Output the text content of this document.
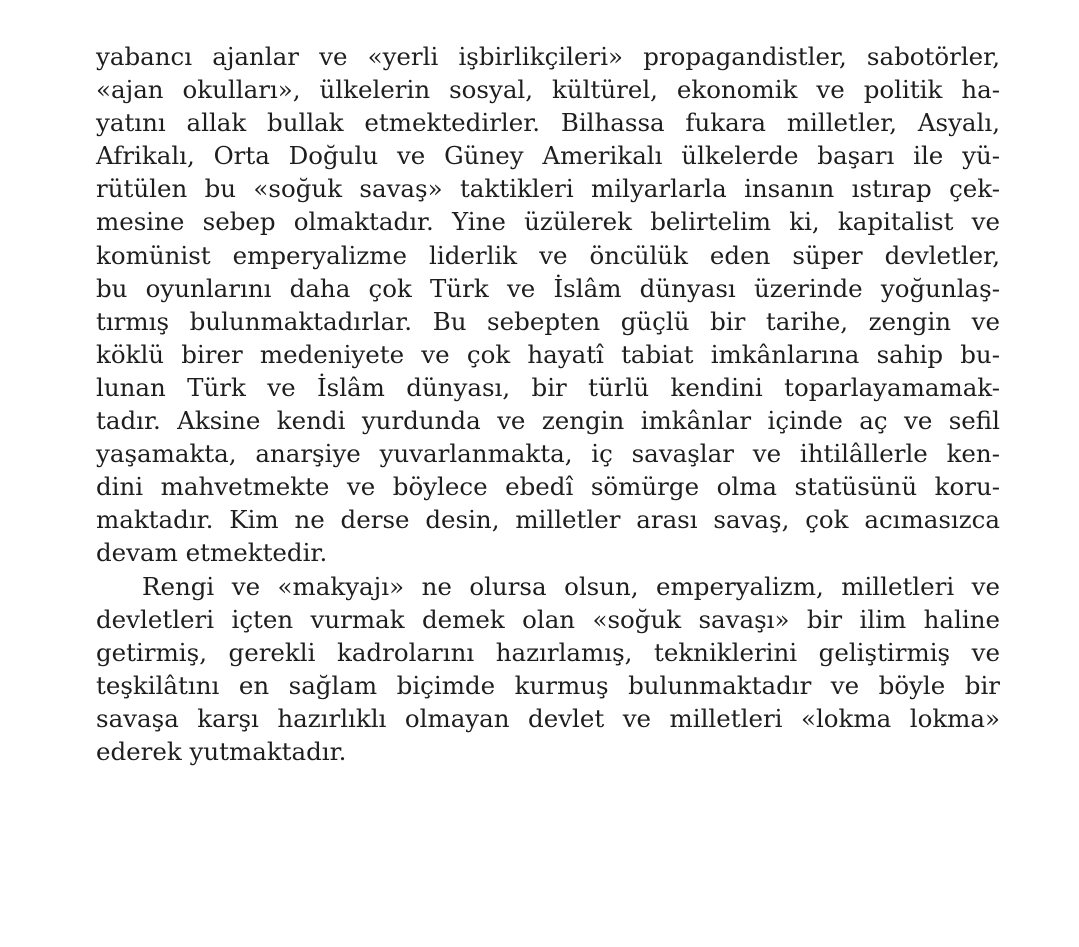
yabancı ajanlar ve «yerli işbirlikçileri» propagandistler, sabotörler,
«ajan okulları», ülkelerin sosyal, kültürel, ekonomik ve politik ha-
yatını allak bullak etmektedirler. Bilhassa fukara milletler, Asyalı,
Afrikalı, Orta Doğulu ve Güney Amerikalı ülkelerde başarı ile yü-
rütülen bu «soğuk savaş» taktikleri milyarlarla insanın ıstırap çek-
mesine sebep olmaktadır. Yine üzülerek belirtelim ki, kapitalist ve
komünist emperyalizme liderlik ve öncülük eden süper devletler,
bu oyunlarını daha çok Türk ve İslâm dünyası üzerinde yoğunlaş-
tırmış bulunmaktadırlar. Bu sebepten güçlü bir tarihe, zengin ve
köklü birer medeniyete ve çok hayatî tabiat imkânlarına sahip bu-
lunan Türk ve İslâm dünyası, bir türlü kendini toparlayamamak-
tadır. Aksine kendi yurdunda ve zengin imkânlar içinde aç ve sefil
yaşamakta, anarşiye yuvarlanmakta, iç savaşlar ve ihtilâllerle ken-
dini mahvetmekte ve böylece ebedî sömürge olma statüsünü koru-
maktadır. Kim ne derse desin, milletler arası savaş, çok acımasızca
devam etmektedir.
Rengi ve «makyajı» ne olursa olsun, emperyalizm, milletleri ve
devletleri içten vurmak demek olan «soğuk savaşı» bir ilim haline
getirmiş, gerekli kadrolarını hazırlamış, tekniklerini geliştirmiş ve
teşkilâtını en sağlam biçimde kurmuş bulunmaktadır ve böyle bir
savaşa karşı hazırlıklı olmayan devlet ve milletleri «lokma lokma»
ederek yutmaktadır.
